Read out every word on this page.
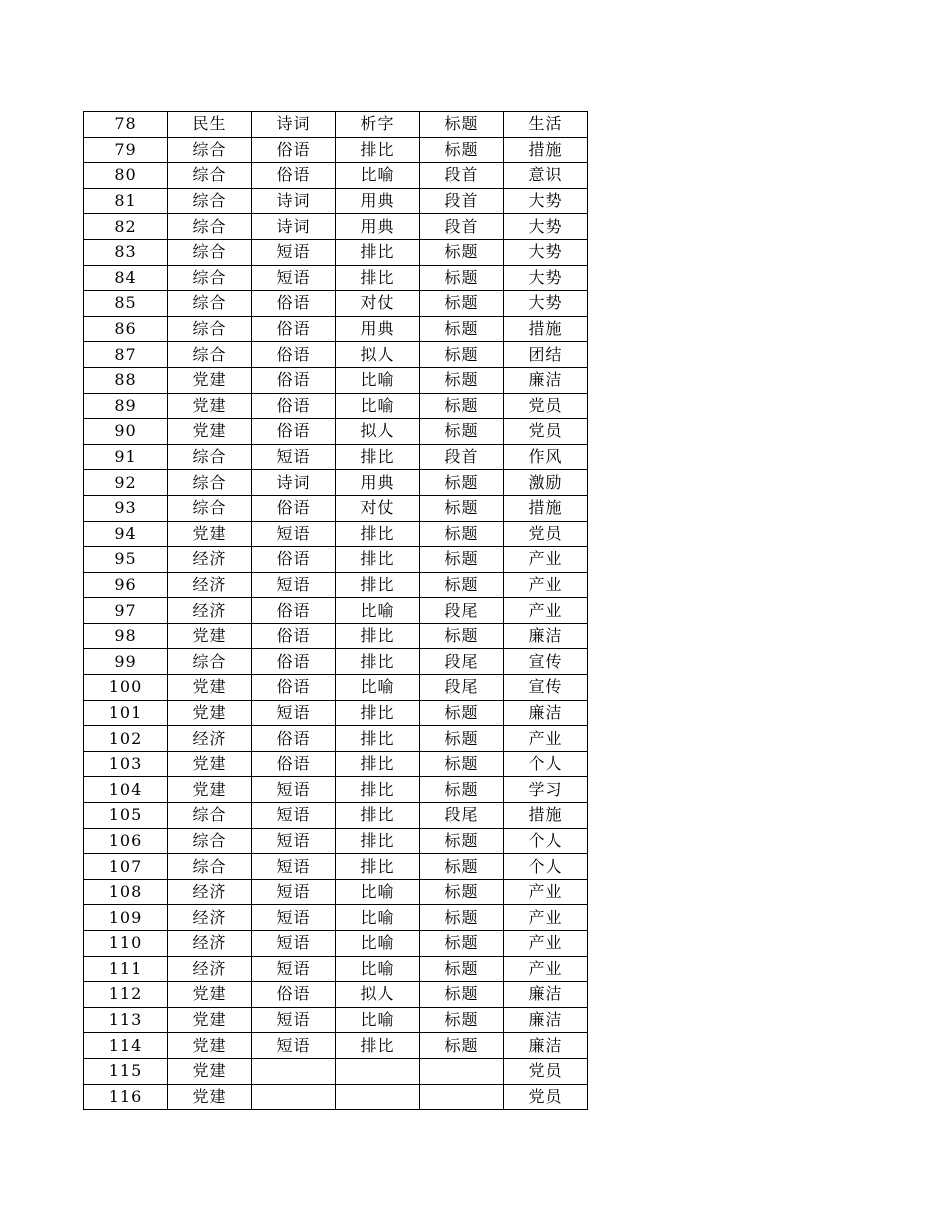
78	民生	诗词	析字	标题	生活
79	综合	俗语	排比	标题	措施
80	综合	俗语	比喻	段首	意识
81	综合	诗词	用典	段首	大势
82	综合	诗词	用典	段首	大势
83	综合	短语	排比	标题	大势
84	综合	短语	排比	标题	大势
85	综合	俗语	对仗	标题	大势
86	综合	俗语	用典	标题	措施
87	综合	俗语	拟人	标题	团结
88	党建	俗语	比喻	标题	廉洁
89	党建	俗语	比喻	标题	党员
90	党建	俗语	拟人	标题	党员
91	综合	短语	排比	段首	作风
92	综合	诗词	用典	标题	激励
93	综合	俗语	对仗	标题	措施
94	党建	短语	排比	标题	党员
95	经济	俗语	排比	标题	产业
96	经济	短语	排比	标题	产业
97	经济	俗语	比喻	段尾	产业
98	党建	俗语	排比	标题	廉洁
99	综合	俗语	排比	段尾	宣传
100	党建	俗语	比喻	段尾	宣传
101	党建	短语	排比	标题	廉洁
102	经济	俗语	排比	标题	产业
103	党建	俗语	排比	标题	个人
104	党建	短语	排比	标题	学习
105	综合	短语	排比	段尾	措施
106	综合	短语	排比	标题	个人
107	综合	短语	排比	标题	个人
108	经济	短语	比喻	标题	产业
109	经济	短语	比喻	标题	产业
110	经济	短语	比喻	标题	产业
111	经济	短语	比喻	标题	产业
112	党建	俗语	拟人	标题	廉洁
113	党建	短语	比喻	标题	廉洁
114	党建	短语	排比	标题	廉洁
115	党建				党员
116	党建				党员
